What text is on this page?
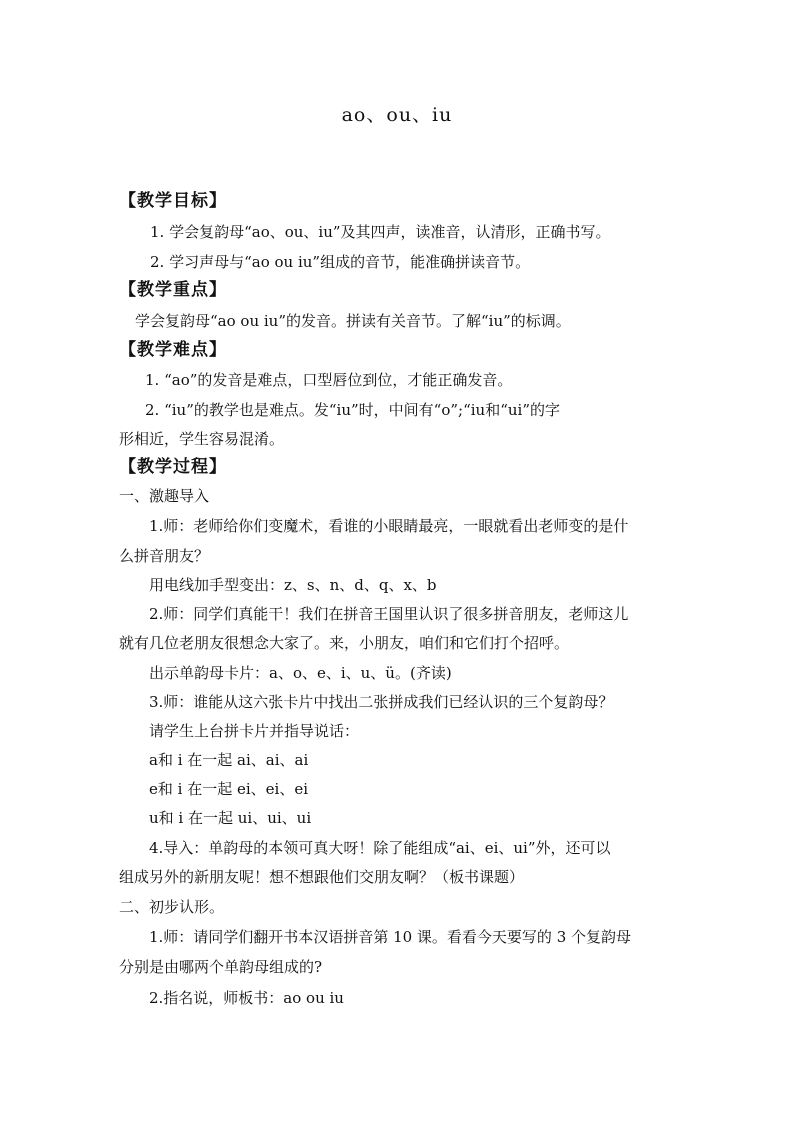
ao、ou、iu
【教学目标】
1. 学会复韵母“ao、ou、iu”及其四声，读准音，认清形，正确书写。
2. 学习声母与“ao ou iu”组成的音节，能准确拼读音节。
【教学重点】
学会复韵母“ao ou iu”的发音。拼读有关音节。了解“iu”的标调。
【教学难点】
1. “ao”的发音是难点，口型唇位到位，才能正确发音。
2. “iu”的教学也是难点。发“iu”时，中间有“o”;“iu和“ui”的字
形相近，学生容易混淆。
【教学过程】
一、激趣导入
1.师：老师给你们变魔术，看谁的小眼睛最亮，一眼就看出老师变的是什
么拼音朋友？
用电线加手型变出：z、s、n、d、q、x、b
2.师：同学们真能干！我们在拼音王国里认识了很多拼音朋友，老师这儿
就有几位老朋友很想念大家了。来，小朋友，咱们和它们打个招呼。
出示单韵母卡片：a、o、e、i、u、ü。(齐读)
3.师：谁能从这六张卡片中找出二张拼成我们已经认识的三个复韵母？
请学生上台拼卡片并指导说话：
a和 i 在一起 ai、ai、ai
e和 i 在一起 ei、ei、ei
u和 i 在一起 ui、ui、ui
4.导入：单韵母的本领可真大呀！除了能组成“ai、ei、ui”外，还可以
组成另外的新朋友呢！想不想跟他们交朋友啊？（板书课题）
二、初步认形。
1.师：请同学们翻开书本汉语拼音第 10 课。看看今天要写的 3 个复韵母
分别是由哪两个单韵母组成的?
2.指名说，师板书：ao ou iu
